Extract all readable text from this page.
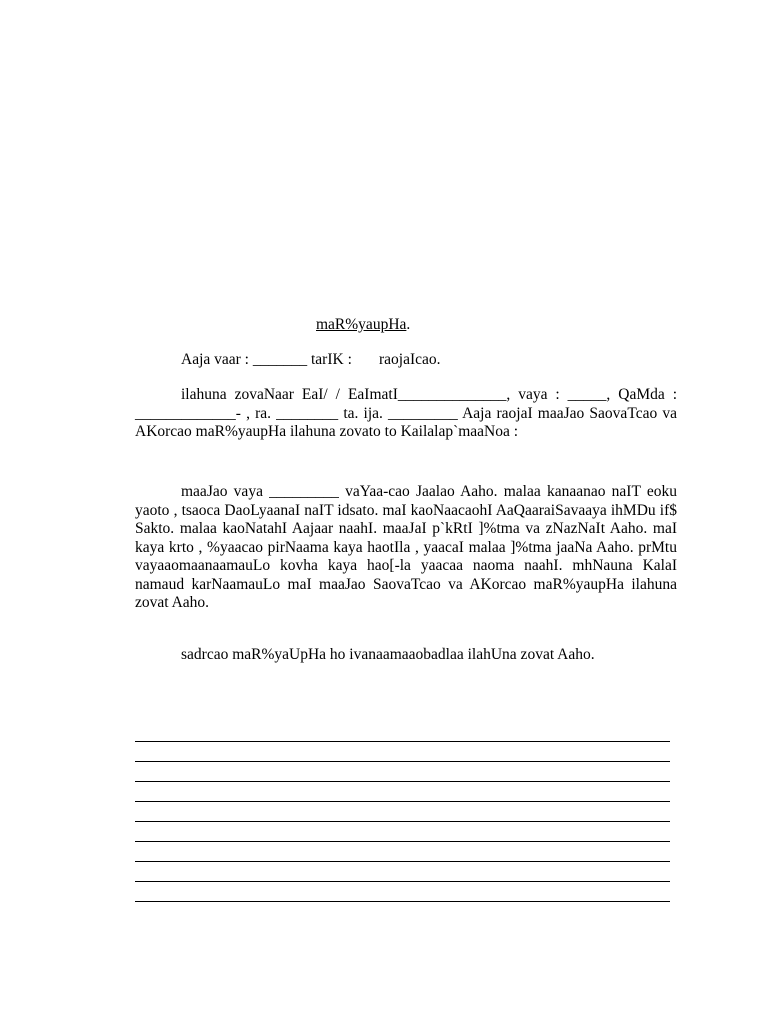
maR%yaupHa.

Aaja vaar : _______ tarIK :       raojaIcao.

ilahuna zovaNaar EaI/ / EaImatI______________, vaya : _____, QaMda : _____________- , ra. ________ ta. ija. _________ Aaja raojaI maaJao SaovaTcao va AKorcao maR%yaupHa ilahuna zovato to Kailalap`maaNoa :

maaJao vaya _________ vaYaa-cao Jaalao Aaho. malaa kanaanao naIT eoku yaoto , tsaoca DaoLyaanaI naIT idsato. maI kaoNaacaohI AaQaaraiSavaaya ihMDu if$ Sakto. malaa kaoNatahI Aajaar naahI. maaJaI p`kRtI ]%tma va zNazNaIt Aaho. maI kaya krto , %yaacao pirNaama kaya haotIla , yaacaI malaa ]%tma jaaNa Aaho. prMtu vayaaomaanaamauLo kovha kaya hao[-la yaacaa naoma naahI. mhNauna KalaI namaud karNaamauLo maI maaJao SaovaTcao va AKorcao maR%yaupHa ilahuna zovat Aaho.

sadrcao maR%yaUpHa ho ivanaamaaobadlaa ilahUna zovat Aaho.
